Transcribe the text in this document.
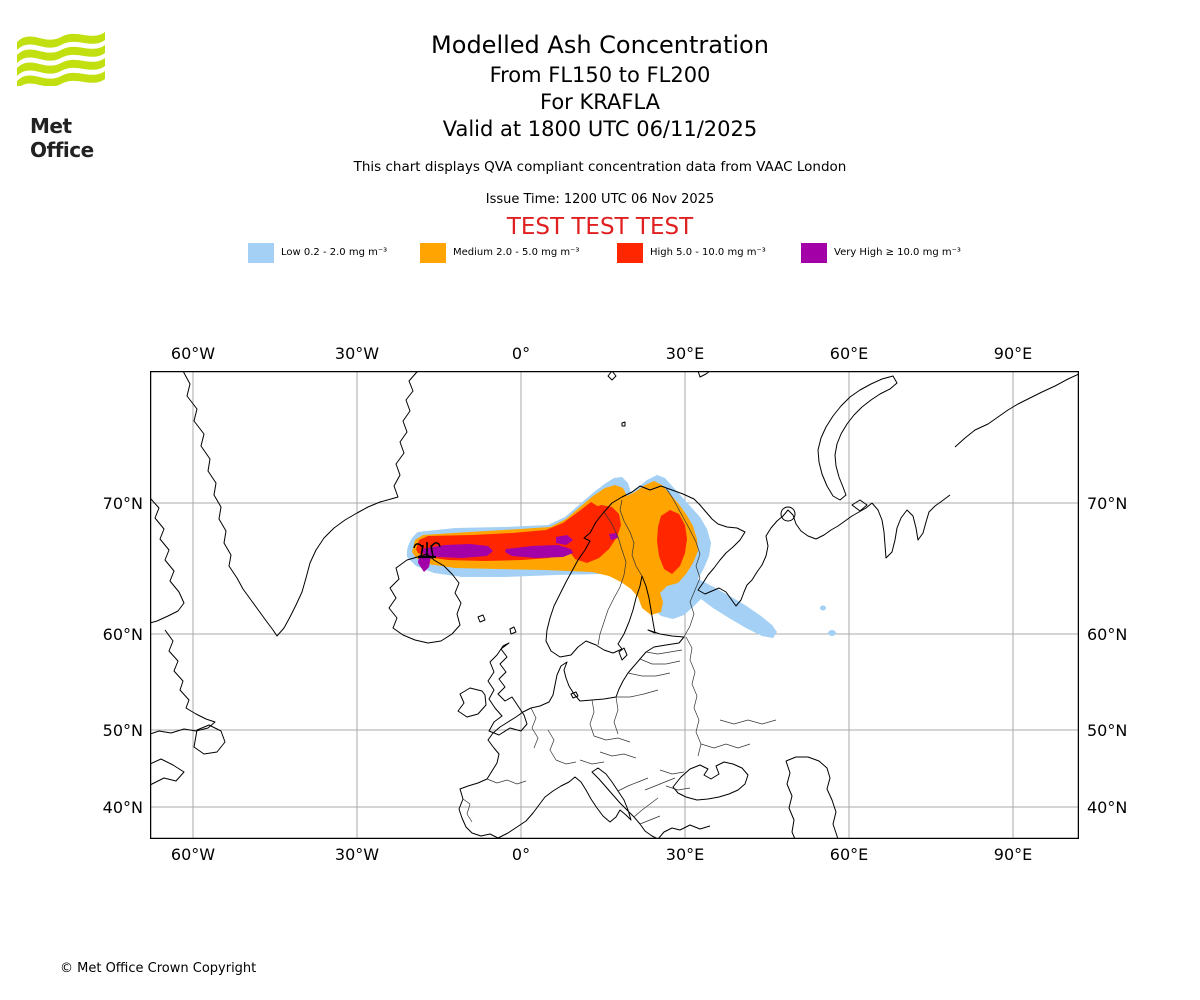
Met Office
Modelled Ash Concentration
From FL150 to FL200
For KRAFLA
Valid at 1800 UTC 06/11/2025
This chart displays QVA compliant concentration data from VAAC London
Issue Time: 1200 UTC 06 Nov 2025
TEST TEST TEST
Low 0.2 - 2.0 mg m⁻³	Medium 2.0 - 5.0 mg m⁻³	High 5.0 - 10.0 mg m⁻³	Very High ≥ 10.0 mg m⁻³
60°W	30°W	0°	30°E	60°E	90°E
60°W	30°W	0°	30°E	60°E	90°E
70°N
60°N
50°N
40°N
70°N
60°N
50°N
40°N
© Met Office Crown Copyright
